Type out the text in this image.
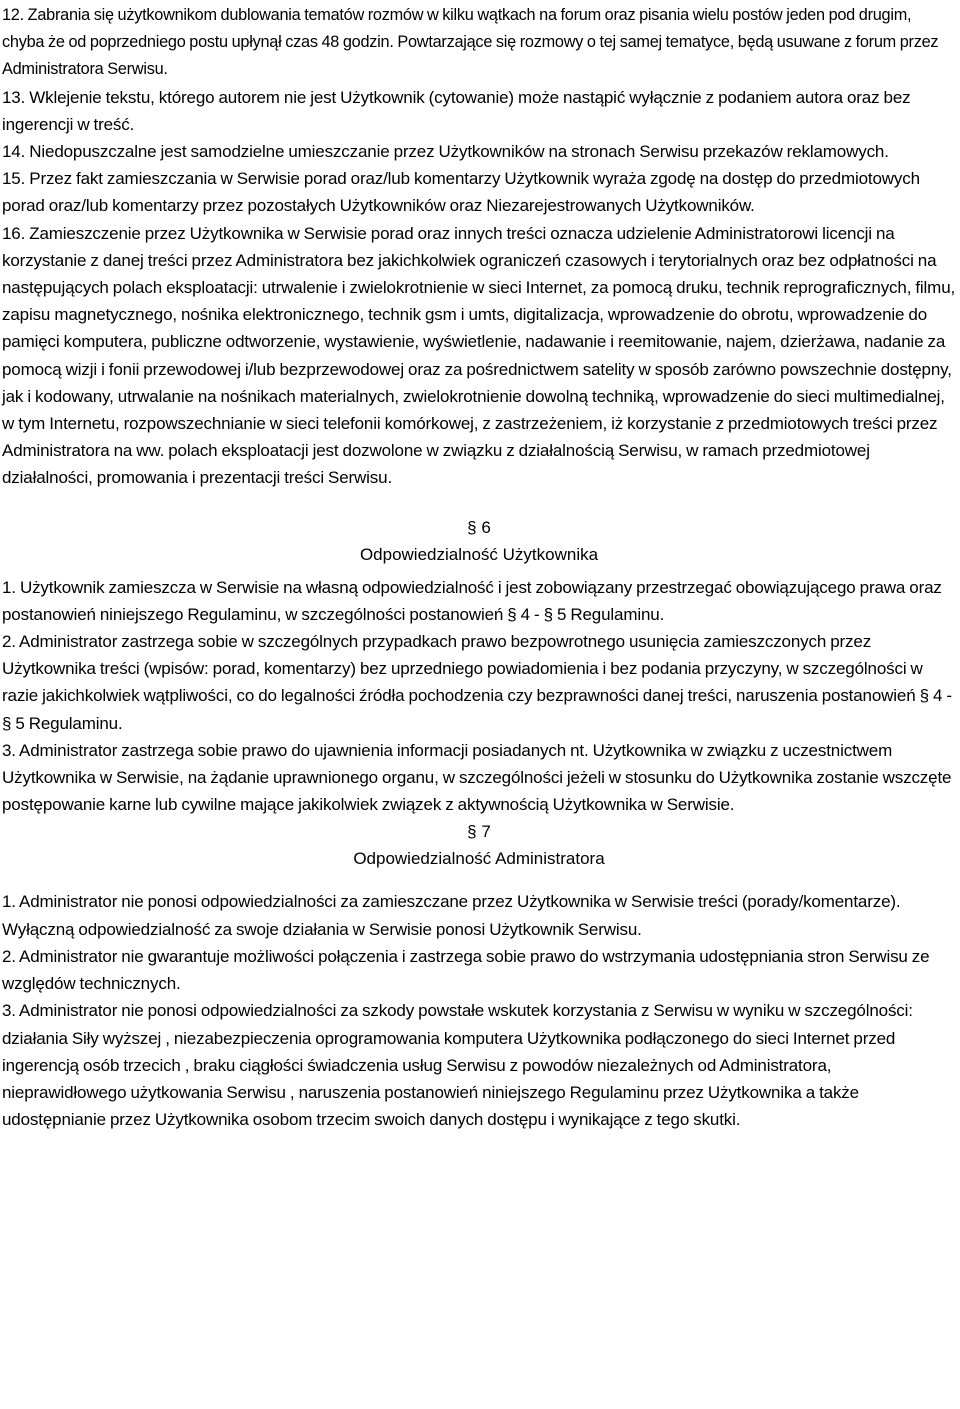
12. Zabrania się użytkownikom dublowania tematów rozmów w kilku wątkach na forum oraz pisania wielu postów jeden pod drugim, chyba że od poprzedniego postu upłynął czas 48 godzin. Powtarzające się rozmowy o tej samej tematyce, będą usuwane z forum przez Administratora Serwisu.

13. Wklejenie tekstu, którego autorem nie jest Użytkownik (cytowanie) może nastąpić wyłącznie z podaniem autora oraz bez ingerencji w treść.

14. Niedopuszczalne jest samodzielne umieszczanie przez Użytkowników na stronach Serwisu przekazów reklamowych.

15. Przez fakt zamieszczania w Serwisie porad oraz/lub komentarzy Użytkownik wyraża zgodę na dostęp do przedmiotowych porad oraz/lub komentarzy przez pozostałych Użytkowników oraz Niezarejestrowanych Użytkowników.

16. Zamieszczenie przez Użytkownika w Serwisie porad oraz innych treści oznacza udzielenie Administratorowi licencji na korzystanie z danej treści przez Administratora bez jakichkolwiek ograniczeń czasowych i terytorialnych oraz bez odpłatności na następujących polach eksploatacji: utrwalenie i zwielokrotnienie w sieci Internet, za pomocą druku, technik reprograficznych, filmu, zapisu magnetycznego, nośnika elektronicznego, technik gsm i umts, digitalizacja, wprowadzenie do obrotu, wprowadzenie do pamięci komputera, publiczne odtworzenie, wystawienie, wyświetlenie, nadawanie i reemitowanie, najem, dzierżawa, nadanie za pomocą wizji i fonii przewodowej i/lub bezprzewodowej oraz za pośrednictwem satelity w sposób zarówno powszechnie dostępny, jak i kodowany, utrwalanie na nośnikach materialnych, zwielokrotnienie dowolną techniką, wprowadzenie do sieci multimedialnej, w tym Internetu, rozpowszechnianie w sieci telefonii komórkowej, z zastrzeżeniem, iż korzystanie z przedmiotowych treści przez Administratora na ww. polach eksploatacji jest dozwolone w związku z działalnością Serwisu, w ramach przedmiotowej działalności, promowania i prezentacji treści Serwisu.

§ 6
Odpowiedzialność Użytkownika

1. Użytkownik zamieszcza w Serwisie na własną odpowiedzialność i jest zobowiązany przestrzegać obowiązującego prawa oraz postanowień niniejszego Regulaminu, w szczególności postanowień § 4 - § 5 Regulaminu.

2. Administrator zastrzega sobie w szczególnych przypadkach prawo bezpowrotnego usunięcia zamieszczonych przez Użytkownika treści (wpisów: porad, komentarzy) bez uprzedniego powiadomienia i bez podania przyczyny, w szczególności w razie jakichkolwiek wątpliwości, co do legalności źródła pochodzenia czy bezprawności danej treści, naruszenia postanowień § 4 - § 5 Regulaminu.

3. Administrator zastrzega sobie prawo do ujawnienia informacji posiadanych nt. Użytkownika w związku z uczestnictwem Użytkownika w Serwisie, na żądanie uprawnionego organu, w szczególności jeżeli w stosunku do Użytkownika zostanie wszczęte postępowanie karne lub cywilne mające jakikolwiek związek z aktywnością Użytkownika w Serwisie.

§ 7
Odpowiedzialność Administratora

1. Administrator nie ponosi odpowiedzialności za zamieszczane przez Użytkownika w Serwisie treści (porady/komentarze). Wyłączną odpowiedzialność za swoje działania w Serwisie ponosi Użytkownik Serwisu.

2. Administrator nie gwarantuje możliwości połączenia i zastrzega sobie prawo do wstrzymania udostępniania stron Serwisu ze względów technicznych.

3. Administrator nie ponosi odpowiedzialności za szkody powstałe wskutek korzystania z Serwisu w wyniku w szczególności: działania Siły wyższej , niezabezpieczenia oprogramowania komputera Użytkownika podłączonego do sieci Internet przed ingerencją osób trzecich , braku ciągłości świadczenia usług Serwisu z powodów niezależnych od Administratora, nieprawidłowego użytkowania Serwisu , naruszenia postanowień niniejszego Regulaminu przez Użytkownika a także udostępnianie przez Użytkownika osobom trzecim swoich danych dostępu i wynikające z tego skutki.
